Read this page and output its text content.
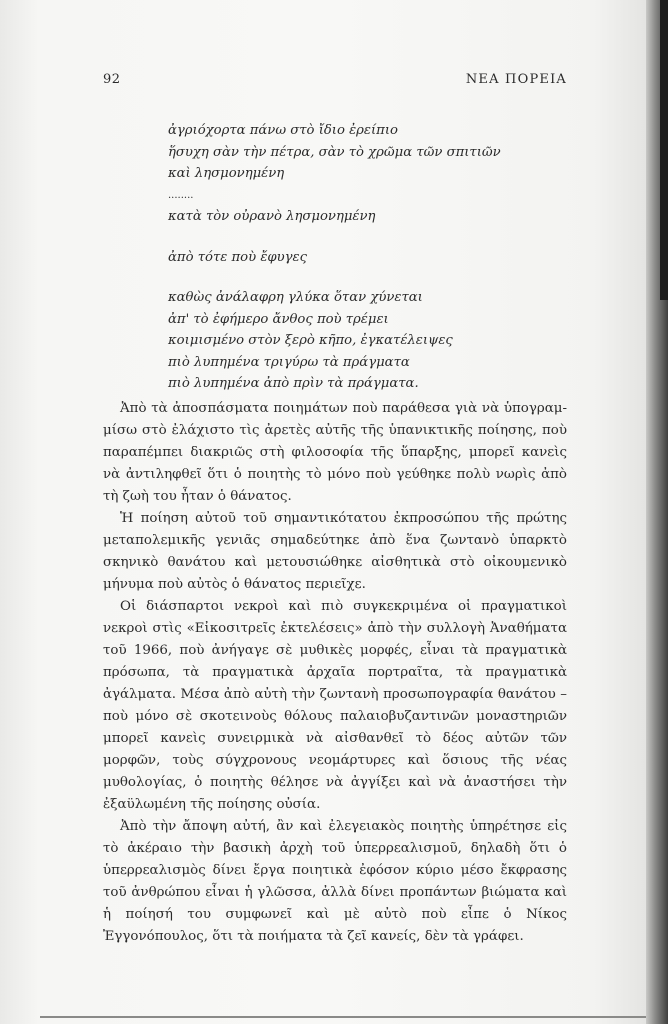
92	ΝΕΑ ΠΟΡΕΙΑ
ἀγριόχορτα πάνω στὸ ἴδιο ἐρείπιο
ἥσυχη σὰν τὴν πέτρα, σὰν τὸ χρῶμα τῶν σπιτιῶν
καὶ λησμονημένη
........
κατὰ τὸν οὐρανὸ λησμονημένη
ἀπὸ τότε ποὺ ἔφυγες
καθὼς ἀνάλαφρη γλύκα ὅταν χύνεται
ἀπ' τὸ ἐφήμερο ἄνθος ποὺ τρέμει
κοιμισμένο στὸν ξερὸ κῆπο, ἐγκατέλειψες
πιὸ λυπημένα τριγύρω τὰ πράγματα
πιὸ λυπημένα ἀπὸ πρὶν τὰ πράγματα.

Ἀπὸ τὰ ἀποσπάσματα ποιημάτων ποὺ παράθεσα γιὰ νὰ ὑπογραμμίσω στὸ ἐλάχιστο τὶς ἀρετὲς αὐτῆς τῆς ὑπανικτικῆς ποίησης, ποὺ παραπέμπει διακριῶς στὴ φιλοσοφία τῆς ὕπαρξης, μπορεῖ κανεὶς νὰ ἀντιληφθεῖ ὅτι ὁ ποιητὴς τὸ μόνο ποὺ γεύθηκε πολὺ νωρὶς ἀπὸ τὴ ζωὴ του ἦταν ὁ θάνατος.

Ἡ ποίηση αὐτοῦ τοῦ σημαντικότατου ἐκπροσώπου τῆς πρώτης μεταπολεμικῆς γενιᾶς σημαδεύτηκε ἀπὸ ἕνα ζωντανὸ ὑπαρκτὸ σκηνικὸ θανάτου καὶ μετουσιώθηκε αἰσθητικὰ στὸ οἰκουμενικὸ μήνυμα ποὺ αὐτὸς ὁ θάνατος περιεῖχε.

Οἱ διάσπαρτοι νεκροὶ καὶ πιὸ συγκεκριμένα οἱ πραγματικοὶ νεκροὶ στὶς «Εἰκοσιτρεῖς ἐκτελέσεις» ἀπὸ τὴν συλλογὴ Ἀναθήματα τοῦ 1966, ποὺ ἀνήγαγε σὲ μυθικὲς μορφές, εἶναι τὰ πραγματικὰ πρόσωπα, τὰ πραγματικὰ ἀρχαῖα πορτραῖτα, τὰ πραγματικὰ ἀγάλματα. Μέσα ἀπὸ αὐτὴ τὴν ζωντανὴ προσωπογραφία θανάτου – ποὺ μόνο σὲ σκοτεινοὺς θόλους παλαιοβυζαντινῶν μοναστηριῶν μπορεῖ κανεὶς συνειρμικὰ νὰ αἰσθανθεῖ τὸ δέος αὐτῶν τῶν μορφῶν, τοὺς σύγχρονους νεομάρτυρες καὶ ὅσιους τῆς νέας μυθολογίας, ὁ ποιητὴς θέλησε νὰ ἀγγίξει καὶ νὰ ἀναστήσει τὴν ἐξαϋλωμένη τῆς ποίησης οὐσία.

Ἀπὸ τὴν ἄποψη αὐτή, ἂν καὶ ἐλεγειακὸς ποιητὴς ὑπηρέτησε εἰς τὸ ἀκέραιο τὴν βασικὴ ἀρχὴ τοῦ ὑπερρεαλισμοῦ, δηλαδὴ ὅτι ὁ ὑπερρεαλισμὸς δίνει ἔργα ποιητικὰ ἐφόσον κύριο μέσο ἔκφρασης τοῦ ἀνθρώπου εἶναι ἡ γλῶσσα, ἀλλὰ δίνει προπάντων βιώματα καὶ ἡ ποίησή του συμφωνεῖ καὶ μὲ αὐτὸ ποὺ εἶπε ὁ Νίκος Ἐγγονόπουλος, ὅτι τὰ ποιήματα τὰ ζεῖ κανείς, δὲν τὰ γράφει.
